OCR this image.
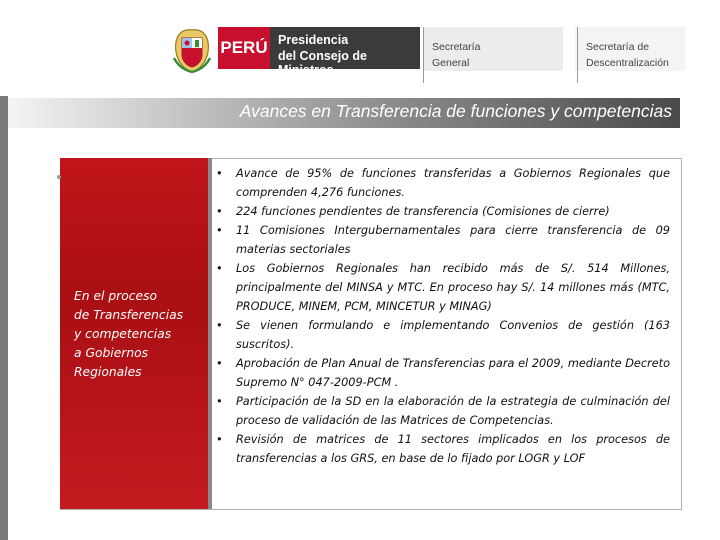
PERÚ Presidencia
del Consejo de Ministros
Secretaría
General
Secretaría de
Descentralización
Avances en Transferencia de funciones y competencias
En el proceso
de Transferencias
y competencias
a Gobiernos
Regionales
• Avance de 95% de funciones transferidas a Gobiernos Regionales que comprenden 4,276 funciones.
• 224 funciones pendientes de transferencia (Comisiones de cierre)
• 11 Comisiones Intergubernamentales para cierre transferencia de 09 materias sectoriales
• Los Gobiernos Regionales han recibido más de S/. 514 Millones, principalmente del MINSA y MTC. En proceso hay S/. 14 millones más (MTC, PRODUCE, MINEM, PCM, MINCETUR y MINAG)
• Se vienen formulando e implementando Convenios de gestión (163 suscritos).
• Aprobación de Plan Anual de Transferencias para el 2009, mediante Decreto Supremo N° 047-2009-PCM .
• Participación de la SD en la elaboración de la estrategia de culminación del proceso de validación de las Matrices de Competencias.
• Revisión de matrices de 11 sectores implicados en los procesos de transferencias a los GRS, en base de lo fijado por LOGR y LOF
